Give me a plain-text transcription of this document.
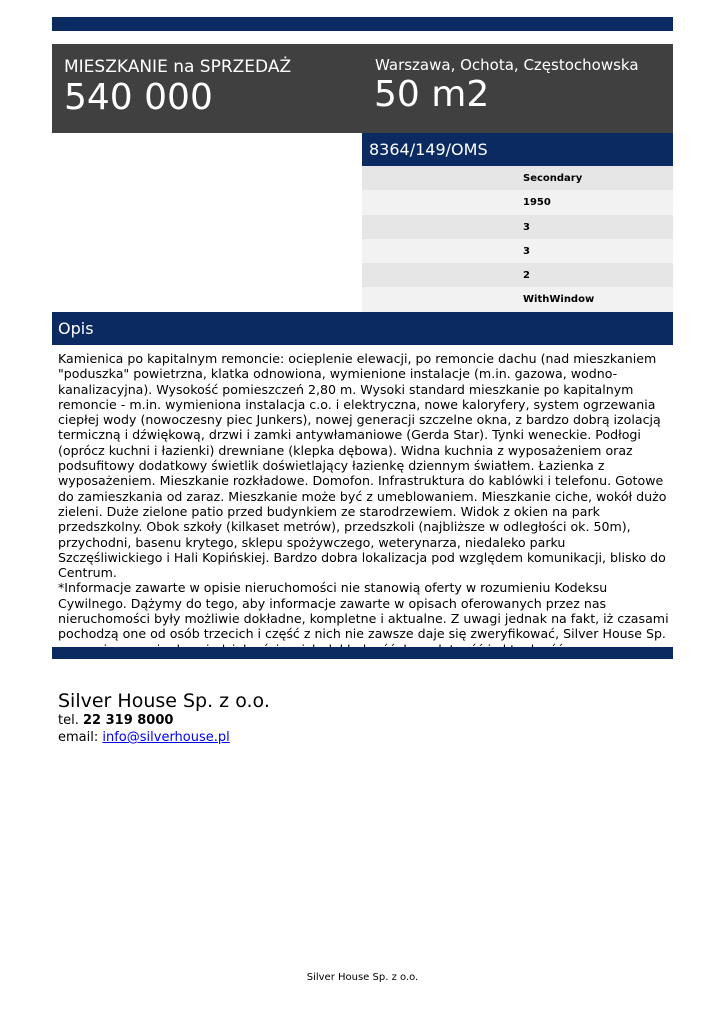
MIESZKANIE na SPRZEDAŻ
540 000
Warszawa, Ochota, Częstochowska
50 m2
8364/149/OMS
Secondary
1950
3
3
2
WithWindow
Opis

Kamienica po kapitalnym remoncie: ocieplenie elewacji, po remoncie dachu (nad mieszkaniem "poduszka" powietrzna, klatka odnowiona, wymienione instalacje (m.in. gazowa, wodno-kanalizacyjna). Wysokość pomieszczeń 2,80 m. Wysoki standard mieszkanie po kapitalnym remoncie - m.in. wymieniona instalacja c.o. i elektryczna, nowe kaloryfery, system ogrzewania ciepłej wody (nowoczesny piec Junkers), nowej generacji szczelne okna, z bardzo dobrą izolacją termiczną i dźwiękową, drzwi i zamki antywłamaniowe (Gerda Star). Tynki weneckie. Podłogi (oprócz kuchni i łazienki) drewniane (klepka dębowa). Widna kuchnia z wyposażeniem oraz podsufitowy dodatkowy świetlik doświetlający łazienkę dziennym światłem. Łazienka z wyposażeniem. Mieszkanie rozkładowe. Domofon. Infrastruktura do kablówki i telefonu. Gotowe do zamieszkania od zaraz. Mieszkanie może być z umeblowaniem. Mieszkanie ciche, wokół dużo zieleni. Duże zielone patio przed budynkiem ze starodrzewiem. Widok z okien na park przedszkolny. Obok szkoły (kilkaset metrów), przedszkoli (najbliższe w odległości ok. 50m), przychodni, basenu krytego, sklepu spożywczego, weterynarza, niedaleko parku Szczęśliwickiego i Hali Kopińskiej. Bardzo dobra lokalizacja pod względem komunikacji, blisko do Centrum.
*Informacje zawarte w opisie nieruchomości nie stanowią oferty w rozumieniu Kodeksu Cywilnego. Dążymy do tego, aby informacje zawarte w opisach oferowanych przez nas nieruchomości były możliwie dokładne, kompletne i aktualne. Z uwagi jednak na fakt, iż czasami pochodzą one od osób trzecich i część z nich nie zawsze daje się zweryfikować, Silver House Sp.

Silver House Sp. z o.o.
tel. 22 319 8000
email: info@silverhouse.pl
Silver House Sp. z o.o.
